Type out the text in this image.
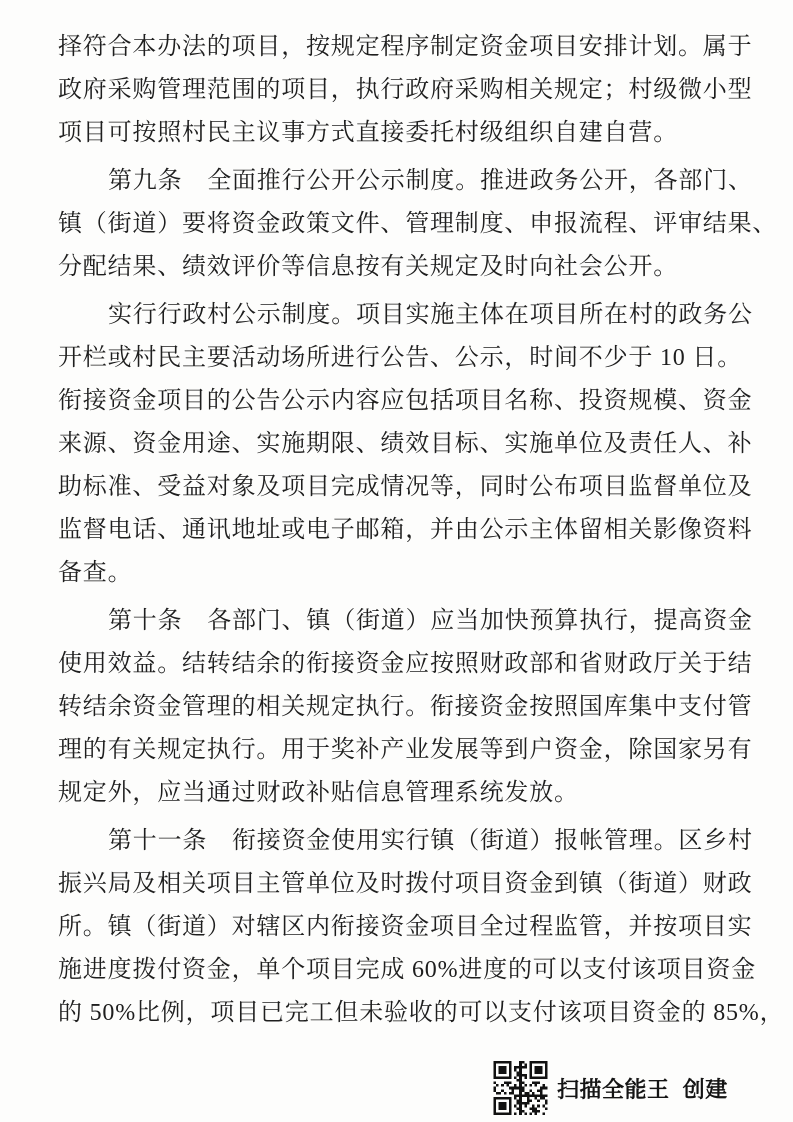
择符合本办法的项目，按规定程序制定资金项目安排计划。属于
政府采购管理范围的项目，执行政府采购相关规定；村级微小型
项目可按照村民主议事方式直接委托村级组织自建自营。
第九条　全面推行公开公示制度。推进政务公开，各部门、
镇（街道）要将资金政策文件、管理制度、申报流程、评审结果、
分配结果、绩效评价等信息按有关规定及时向社会公开。
实行行政村公示制度。项目实施主体在项目所在村的政务公
开栏或村民主要活动场所进行公告、公示，时间不少于 10 日。
衔接资金项目的公告公示内容应包括项目名称、投资规模、资金
来源、资金用途、实施期限、绩效目标、实施单位及责任人、补
助标准、受益对象及项目完成情况等，同时公布项目监督单位及
监督电话、通讯地址或电子邮箱，并由公示主体留相关影像资料
备查。
第十条　各部门、镇（街道）应当加快预算执行，提高资金
使用效益。结转结余的衔接资金应按照财政部和省财政厅关于结
转结余资金管理的相关规定执行。衔接资金按照国库集中支付管
理的有关规定执行。用于奖补产业发展等到户资金，除国家另有
规定外，应当通过财政补贴信息管理系统发放。
第十一条　衔接资金使用实行镇（街道）报帐管理。区乡村
振兴局及相关项目主管单位及时拨付项目资金到镇（街道）财政
所。镇（街道）对辖区内衔接资金项目全过程监管，并按项目实
施进度拨付资金，单个项目完成 60%进度的可以支付该项目资金
的 50%比例，项目已完工但未验收的可以支付该项目资金的 85%，
扫描全能王  创建
